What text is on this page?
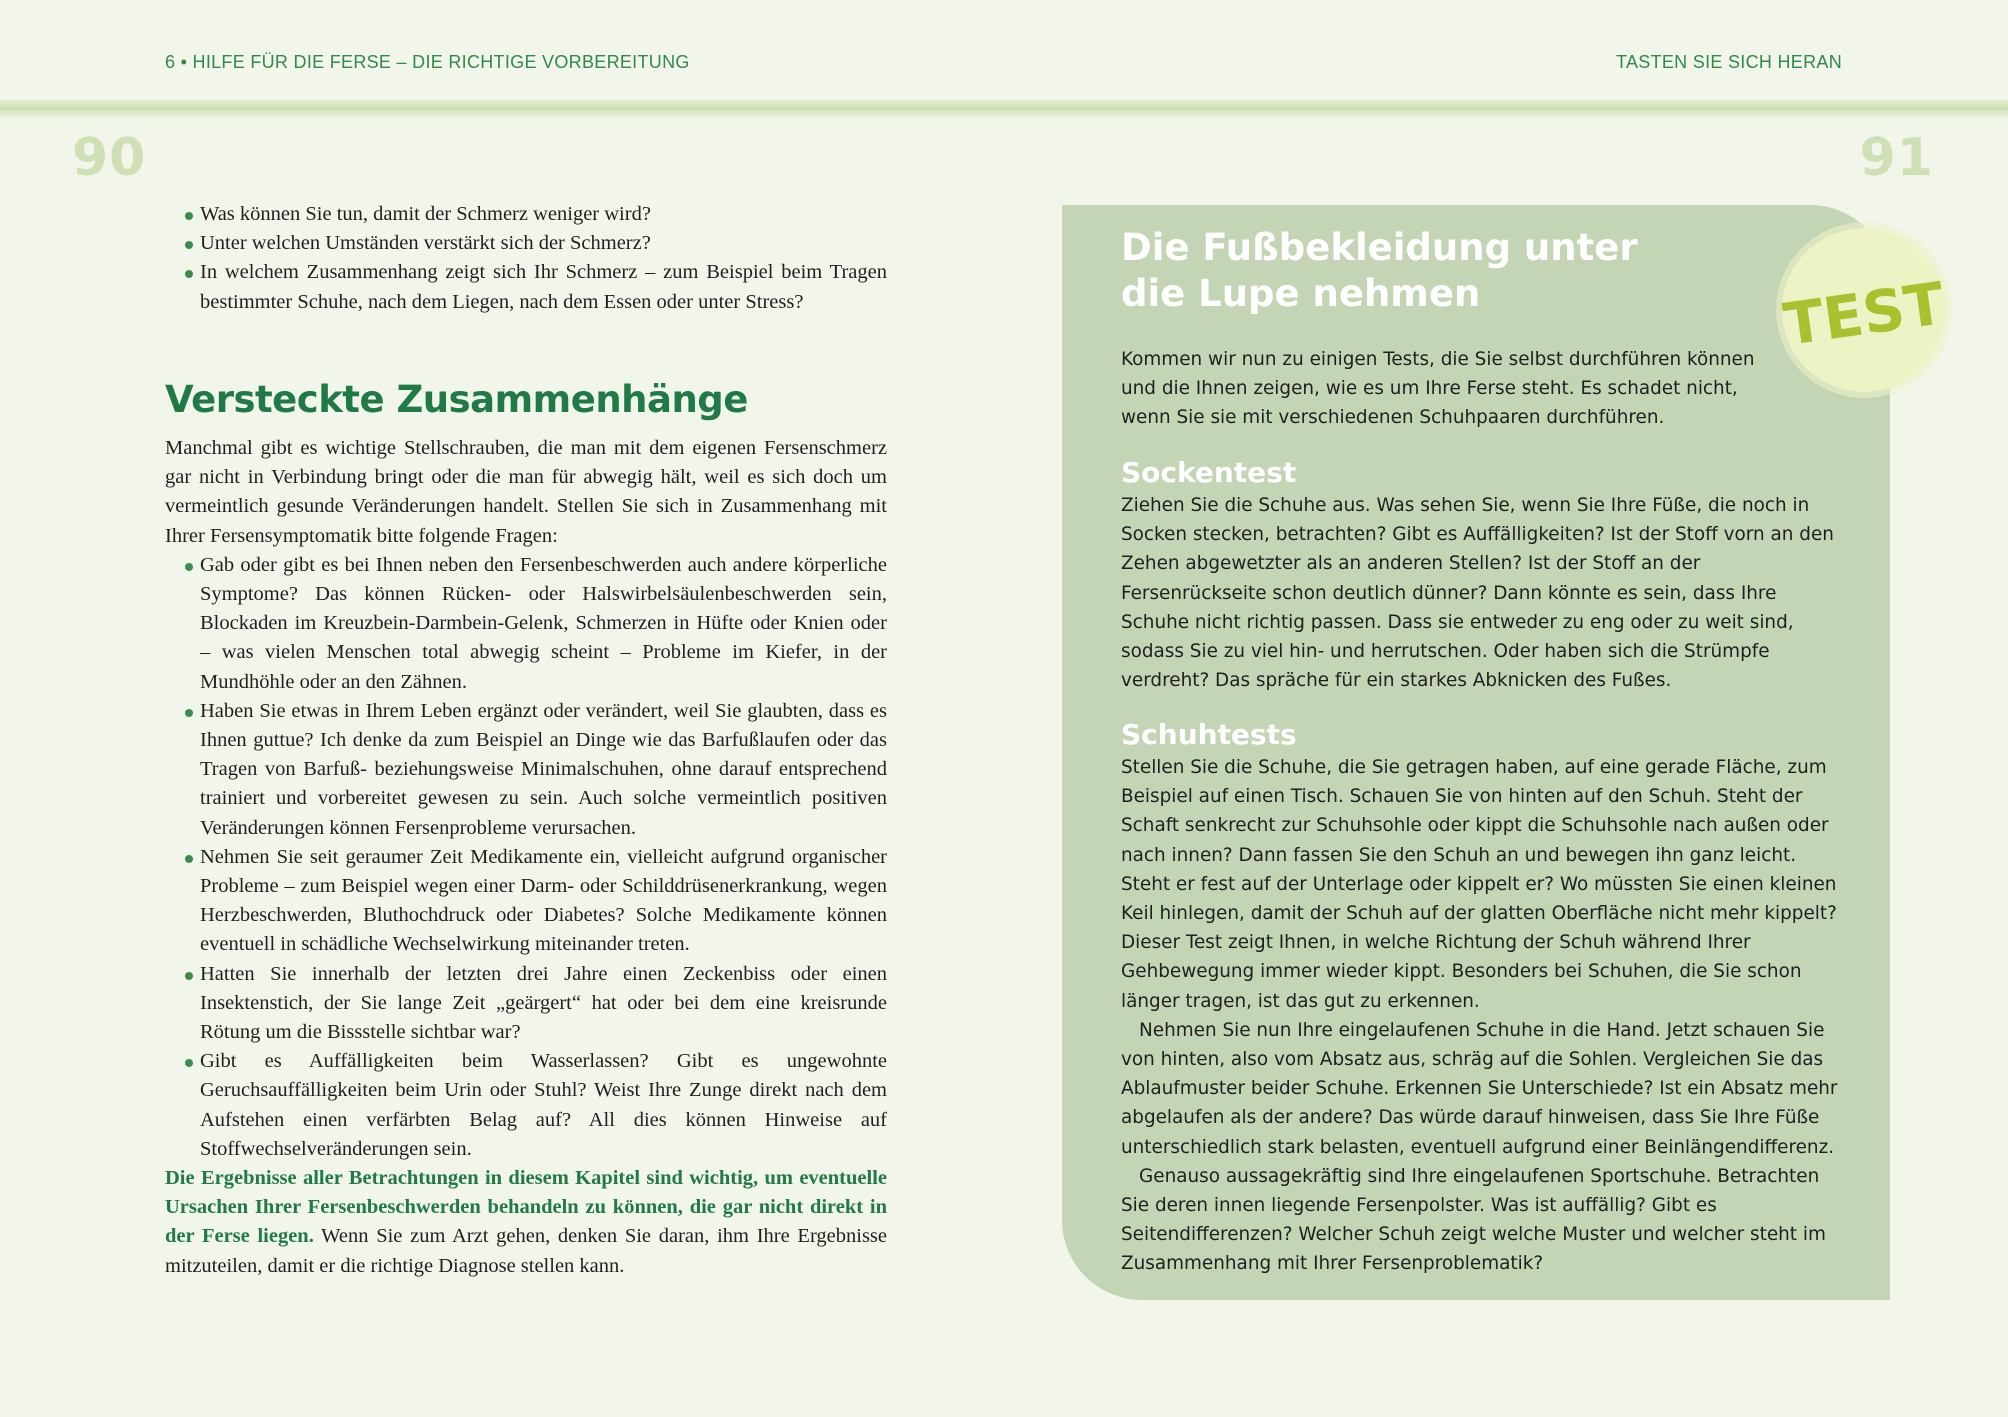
6 • HILFE FÜR DIE FERSE – DIE RICHTIGE VORBEREITUNG	TASTEN SIE SICH HERAN
90	91
Was können Sie tun, damit der Schmerz weniger wird?
Unter welchen Umständen verstärkt sich der Schmerz?
In welchem Zusammenhang zeigt sich Ihr Schmerz – zum Beispiel beim Tragen bestimmter Schuhe, nach dem Liegen, nach dem Essen oder unter Stress?
Versteckte Zusammenhänge

Manchmal gibt es wichtige Stellschrauben, die man mit dem eigenen Fersenschmerz gar nicht in Verbindung bringt oder die man für abwegig hält, weil es sich doch um vermeintlich gesunde Veränderungen handelt. Stellen Sie sich in Zusammenhang mit Ihrer Fersensymptomatik bitte folgende Fragen:

Gab oder gibt es bei Ihnen neben den Fersenbeschwerden auch andere körperliche Symptome? Das können Rücken- oder Halswirbelsäulenbeschwerden sein, Blockaden im Kreuzbein-Darmbein-Gelenk, Schmerzen in Hüfte oder Knien oder – was vielen Menschen total abwegig scheint – Probleme im Kiefer, in der Mundhöhle oder an den Zähnen.
Haben Sie etwas in Ihrem Leben ergänzt oder verändert, weil Sie glaubten, dass es Ihnen guttue? Ich denke da zum Beispiel an Dinge wie das Barfußlaufen oder das Tragen von Barfuß- beziehungsweise Minimalschuhen, ohne darauf entsprechend trainiert und vorbereitet gewesen zu sein. Auch solche vermeintlich positiven Veränderungen können Fersenprobleme verursachen.
Nehmen Sie seit geraumer Zeit Medikamente ein, vielleicht aufgrund organischer Probleme – zum Beispiel wegen einer Darm- oder Schilddrüsenerkrankung, wegen Herzbeschwerden, Bluthochdruck oder Diabetes? Solche Medikamente können eventuell in schädliche Wechselwirkung miteinander treten.
Hatten Sie innerhalb der letzten drei Jahre einen Zeckenbiss oder einen Insektenstich, der Sie lange Zeit „geärgert“ hat oder bei dem eine kreisrunde Rötung um die Bissstelle sichtbar war?
Gibt es Auffälligkeiten beim Wasserlassen? Gibt es ungewohnte Geruchsauffälligkeiten beim Urin oder Stuhl? Weist Ihre Zunge direkt nach dem Aufstehen einen verfärbten Belag auf? All dies können Hinweise auf Stoffwechselveränderungen sein.

Die Ergebnisse aller Betrachtungen in diesem Kapitel sind wichtig, um eventuelle Ursachen Ihrer Fersenbeschwerden behandeln zu können, die gar nicht direkt in der Ferse liegen. Wenn Sie zum Arzt gehen, denken Sie daran, ihm Ihre Ergebnisse mitzuteilen, damit er die richtige Diagnose stellen kann.

Die Fußbekleidung unter die Lupe nehmen	TEST

Kommen wir nun zu einigen Tests, die Sie selbst durchführen können und die Ihnen zeigen, wie es um Ihre Ferse steht. Es schadet nicht, wenn Sie sie mit verschiedenen Schuhpaaren durchführen.

Sockentest

Ziehen Sie die Schuhe aus. Was sehen Sie, wenn Sie Ihre Füße, die noch in Socken stecken, betrachten? Gibt es Auffälligkeiten? Ist der Stoff vorn an den Zehen abgewetzter als an anderen Stellen? Ist der Stoff an der Fersenrückseite schon deutlich dünner? Dann könnte es sein, dass Ihre Schuhe nicht richtig passen. Dass sie entweder zu eng oder zu weit sind, sodass Sie zu viel hin- und herrutschen. Oder haben sich die Strümpfe verdreht? Das spräche für ein starkes Abknicken des Fußes.

Schuhtests

Stellen Sie die Schuhe, die Sie getragen haben, auf eine gerade Fläche, zum Beispiel auf einen Tisch. Schauen Sie von hinten auf den Schuh. Steht der Schaft senkrecht zur Schuhsohle oder kippt die Schuhsohle nach außen oder nach innen? Dann fassen Sie den Schuh an und bewegen ihn ganz leicht. Steht er fest auf der Unterlage oder kippelt er? Wo müssten Sie einen kleinen Keil hinlegen, damit der Schuh auf der glatten Oberfläche nicht mehr kippelt? Dieser Test zeigt Ihnen, in welche Richtung der Schuh während Ihrer Gehbewegung immer wieder kippt. Besonders bei Schuhen, die Sie schon länger tragen, ist das gut zu erkennen.

Nehmen Sie nun Ihre eingelaufenen Schuhe in die Hand. Jetzt schauen Sie von hinten, also vom Absatz aus, schräg auf die Sohlen. Vergleichen Sie das Ablaufmuster beider Schuhe. Erkennen Sie Unterschiede? Ist ein Absatz mehr abgelaufen als der andere? Das würde darauf hinweisen, dass Sie Ihre Füße unterschiedlich stark belasten, eventuell aufgrund einer Beinlängendifferenz.

Genauso aussagekräftig sind Ihre eingelaufenen Sportschuhe. Betrachten Sie deren innen liegende Fersenpolster. Was ist auffällig? Gibt es Seitendifferenzen? Welcher Schuh zeigt welche Muster und welcher steht im Zusammenhang mit Ihrer Fersenproblematik?
